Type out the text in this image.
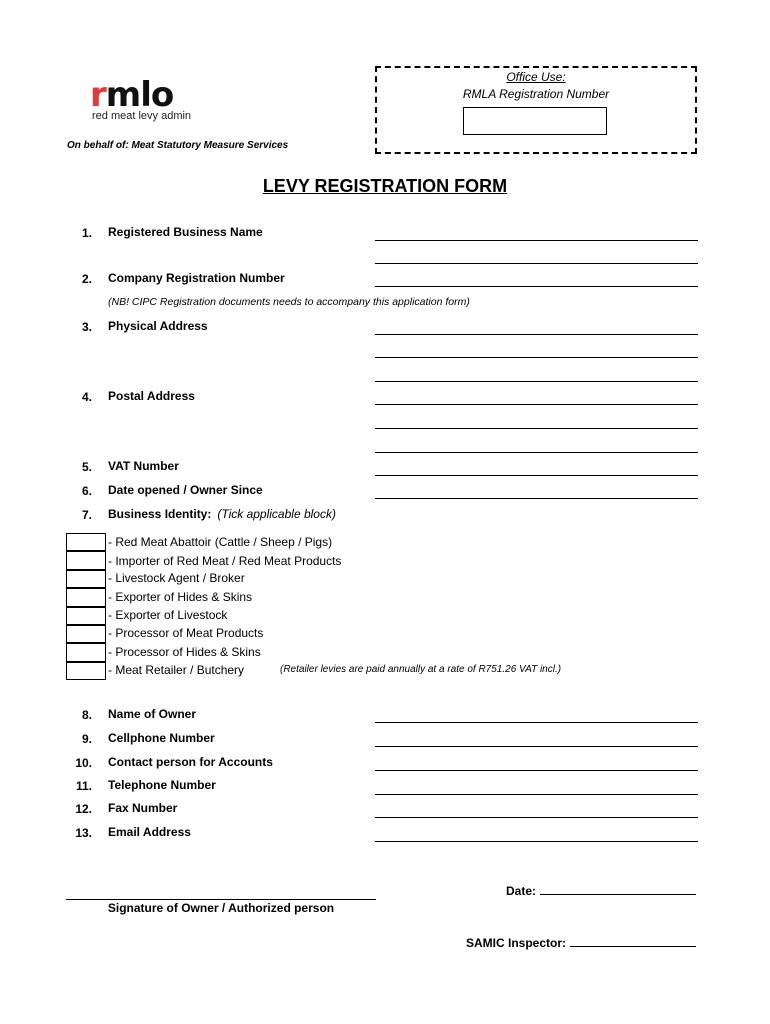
rmlo
red meat levy admin
On behalf of: Meat Statutory Measure Services
Office Use:
RMLA Registration Number
LEVY REGISTRATION FORM
1. Registered Business Name
2. Company Registration Number
(NB! CIPC Registration documents needs to accompany this application form)
3. Physical Address
4. Postal Address
5. VAT Number
6. Date opened / Owner Since
7. Business Identity: (Tick applicable block)
- Red Meat Abattoir (Cattle / Sheep / Pigs)
- Importer of Red Meat / Red Meat Products
- Livestock Agent / Broker
- Exporter of Hides & Skins
- Exporter of Livestock
- Processor of Meat Products
- Processor of Hides & Skins
- Meat Retailer / Butchery	(Retailer levies are paid annually at a rate of R751.26 VAT incl.)
8. Name of Owner
9. Cellphone Number
10. Contact person for Accounts
11. Telephone Number
12. Fax Number
13. Email Address
Signature of Owner / Authorized person
Date:
SAMIC Inspector:
